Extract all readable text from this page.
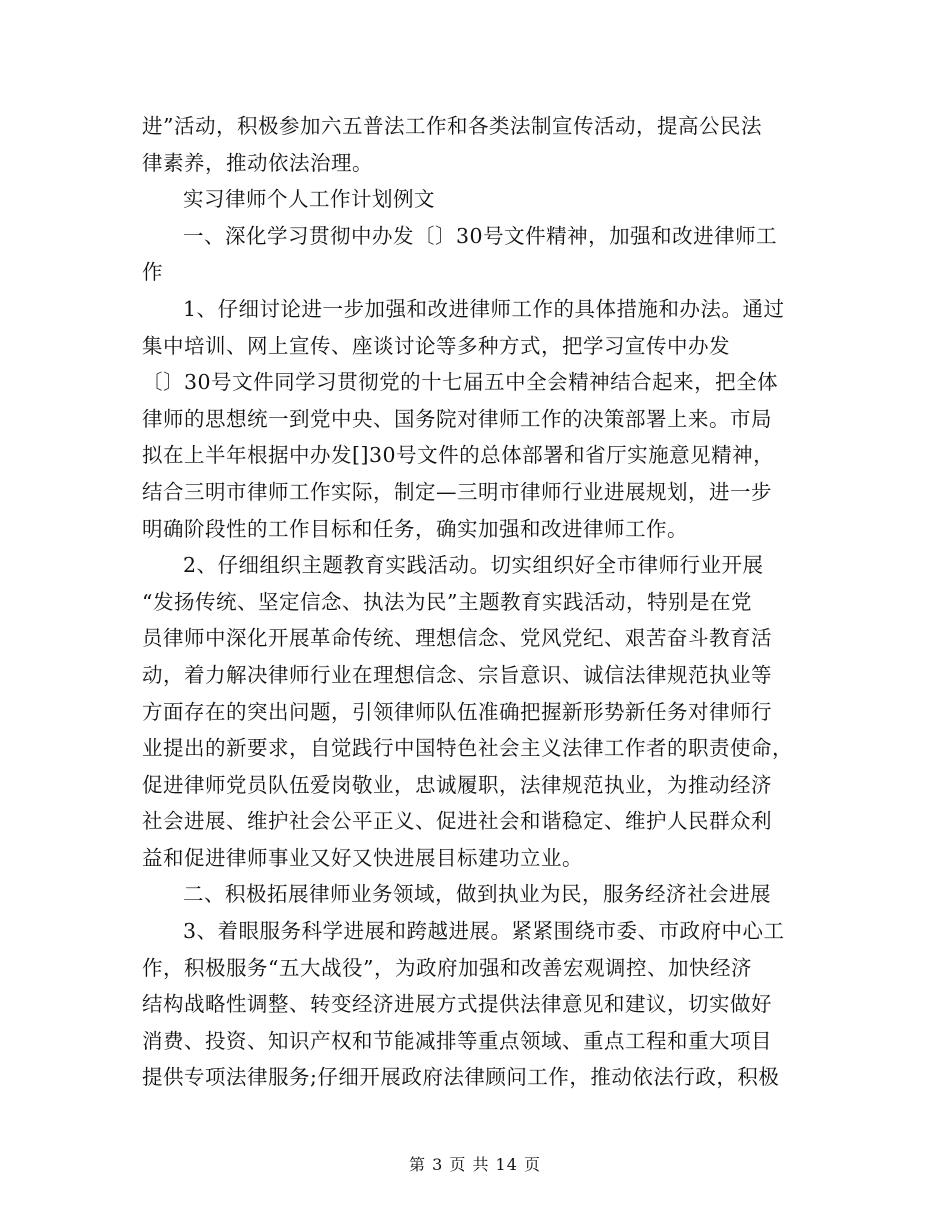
进”活动，积极参加六五普法工作和各类法制宣传活动，提高公民法
律素养，推动依法治理。
实习律师个人工作计划例文
一、深化学习贯彻中办发〔〕30号文件精神，加强和改进律师工
作
1、仔细讨论进一步加强和改进律师工作的具体措施和办法。通过
集中培训、网上宣传、座谈讨论等多种方式，把学习宣传中办发
〔〕30号文件同学习贯彻党的十七届五中全会精神结合起来，把全体
律师的思想统一到党中央、国务院对律师工作的决策部署上来。市局
拟在上半年根据中办发[]30号文件的总体部署和省厅实施意见精神，
结合三明市律师工作实际，制定—三明市律师行业进展规划，进一步
明确阶段性的工作目标和任务，确实加强和改进律师工作。
2、仔细组织主题教育实践活动。切实组织好全市律师行业开展
“发扬传统、坚定信念、执法为民”主题教育实践活动，特别是在党
员律师中深化开展革命传统、理想信念、党风党纪、艰苦奋斗教育活
动，着力解决律师行业在理想信念、宗旨意识、诚信法律规范执业等
方面存在的突出问题，引领律师队伍准确把握新形势新任务对律师行
业提出的新要求，自觉践行中国特色社会主义法律工作者的职责使命，
促进律师党员队伍爱岗敬业，忠诚履职，法律规范执业，为推动经济
社会进展、维护社会公平正义、促进社会和谐稳定、维护人民群众利
益和促进律师事业又好又快进展目标建功立业。
二、积极拓展律师业务领域，做到执业为民，服务经济社会进展
3、着眼服务科学进展和跨越进展。紧紧围绕市委、市政府中心工
作，积极服务“五大战役”，为政府加强和改善宏观调控、加快经济
结构战略性调整、转变经济进展方式提供法律意见和建议，切实做好
消费、投资、知识产权和节能减排等重点领域、重点工程和重大项目
提供专项法律服务;仔细开展政府法律顾问工作，推动依法行政，积极
第 3 页 共 14 页
